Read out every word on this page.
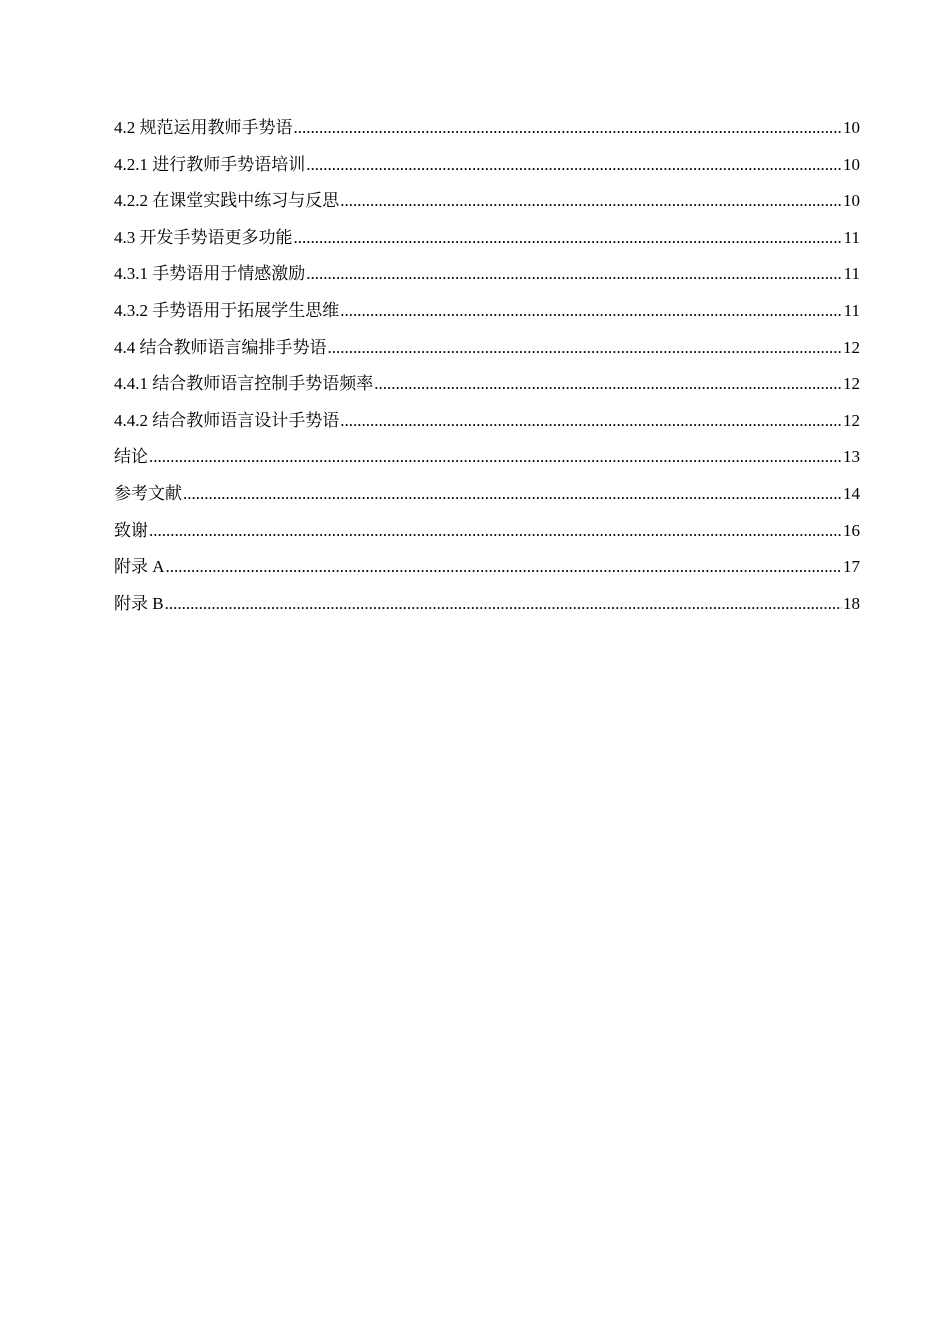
4.2 规范运用教师手势语 .....	10
4.2.1 进行教师手势语培训 .....	10
4.2.2 在课堂实践中练习与反思 .....	10
4.3 开发手势语更多功能 .....	11
4.3.1 手势语用于情感激励 .....	11
4.3.2 手势语用于拓展学生思维 .....	11
4.4 结合教师语言编排手势语 .....	12
4.4.1 结合教师语言控制手势语频率 .....	12
4.4.2 结合教师语言设计手势语 .....	12
结论 .....	13
参考文献 .....	14
致谢 .....	16
附录 A .....	17
附录 B .....	18
